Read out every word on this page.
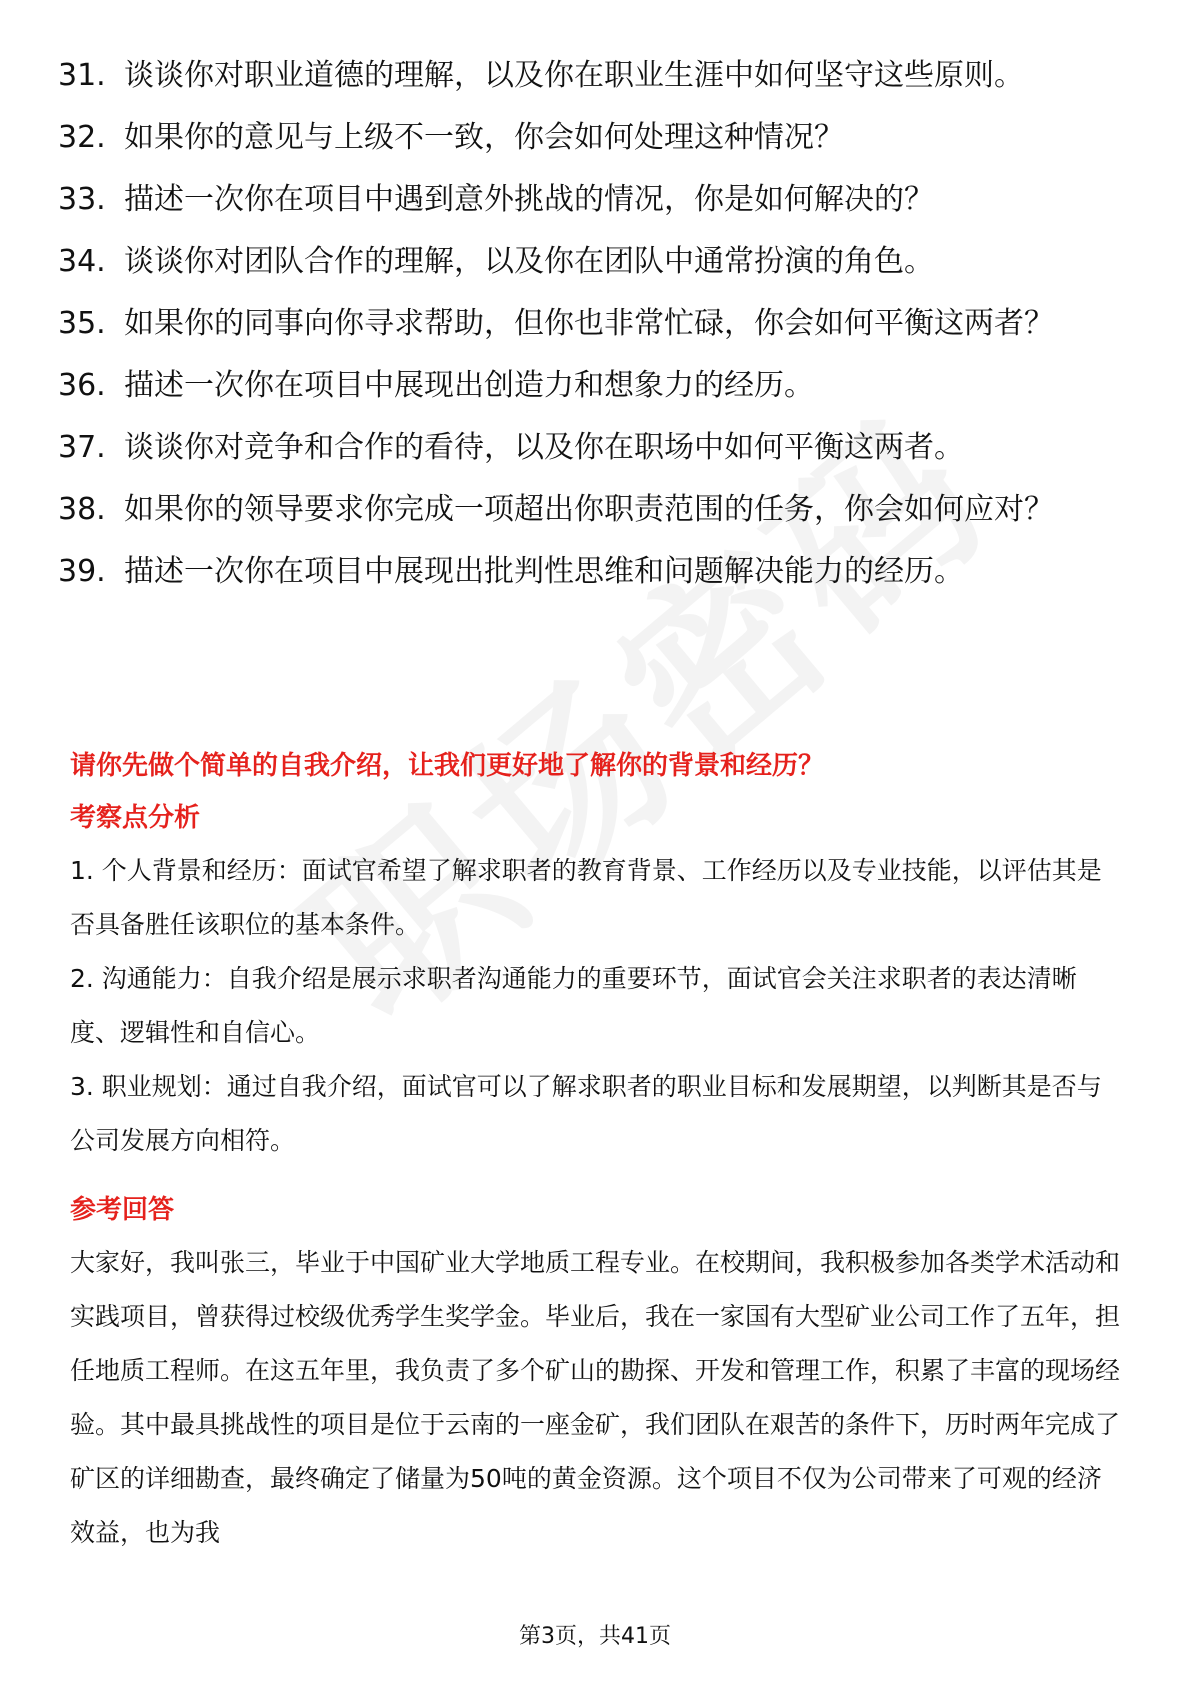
31. 谈谈你对职业道德的理解，以及你在职业生涯中如何坚守这些原则。
32. 如果你的意见与上级不一致，你会如何处理这种情况？
33. 描述一次你在项目中遇到意外挑战的情况，你是如何解决的？
34. 谈谈你对团队合作的理解，以及你在团队中通常扮演的角色。
35. 如果你的同事向你寻求帮助，但你也非常忙碌，你会如何平衡这两者？
36. 描述一次你在项目中展现出创造力和想象力的经历。
37. 谈谈你对竞争和合作的看待，以及你在职场中如何平衡这两者。
38. 如果你的领导要求你完成一项超出你职责范围的任务，你会如何应对？
39. 描述一次你在项目中展现出批判性思维和问题解决能力的经历。
请你先做个简单的自我介绍，让我们更好地了解你的背景和经历？
考察点分析
1. 个人背景和经历：面试官希望了解求职者的教育背景、工作经历以及专业技能，以评估其是否具备胜任该职位的基本条件。
2. 沟通能力：自我介绍是展示求职者沟通能力的重要环节，面试官会关注求职者的表达清晰度、逻辑性和自信心。
3. 职业规划：通过自我介绍，面试官可以了解求职者的职业目标和发展期望，以判断其是否与公司发展方向相符。
参考回答
大家好，我叫张三，毕业于中国矿业大学地质工程专业。在校期间，我积极参加各类学术活动和实践项目，曾获得过校级优秀学生奖学金。毕业后，我在一家国有大型矿业公司工作了五年，担任地质工程师。在这五年里，我负责了多个矿山的勘探、开发和管理工作，积累了丰富的现场经验。其中最具挑战性的项目是位于云南的一座金矿，我们团队在艰苦的条件下，历时两年完成了矿区的详细勘查，最终确定了储量为50吨的黄金资源。这个项目不仅为公司带来了可观的经济效益，也为我
第3页，共41页
